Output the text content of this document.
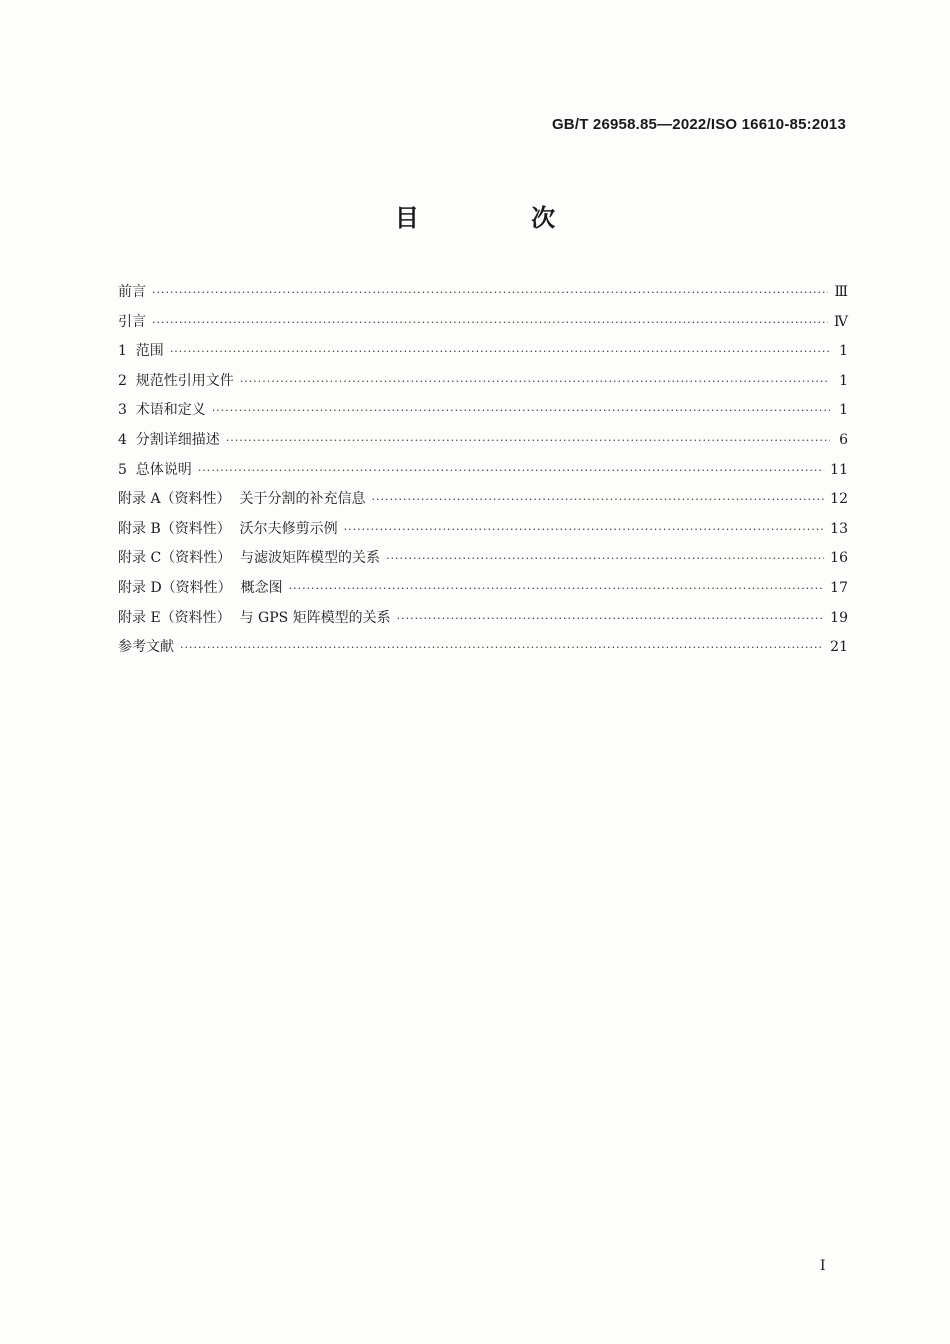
GB/T 26958.85—2022/ISO 16610-85:2013
目 次
前言 ·····	Ⅲ
引言 ·····	Ⅳ
1  范围 ·····	1
2  规范性引用文件 ·····	1
3  术语和定义 ·····	1
4  分割详细描述 ·····	6
5  总体说明 ·····	11
附录 A（资料性）  关于分割的补充信息 ·····	12
附录 B（资料性）  沃尔夫修剪示例 ·····	13
附录 C（资料性）  与滤波矩阵模型的关系 ·····	16
附录 D（资料性）  概念图 ·····	17
附录 E（资料性）  与 GPS 矩阵模型的关系 ·····	19
参考文献 ·····	21
I
